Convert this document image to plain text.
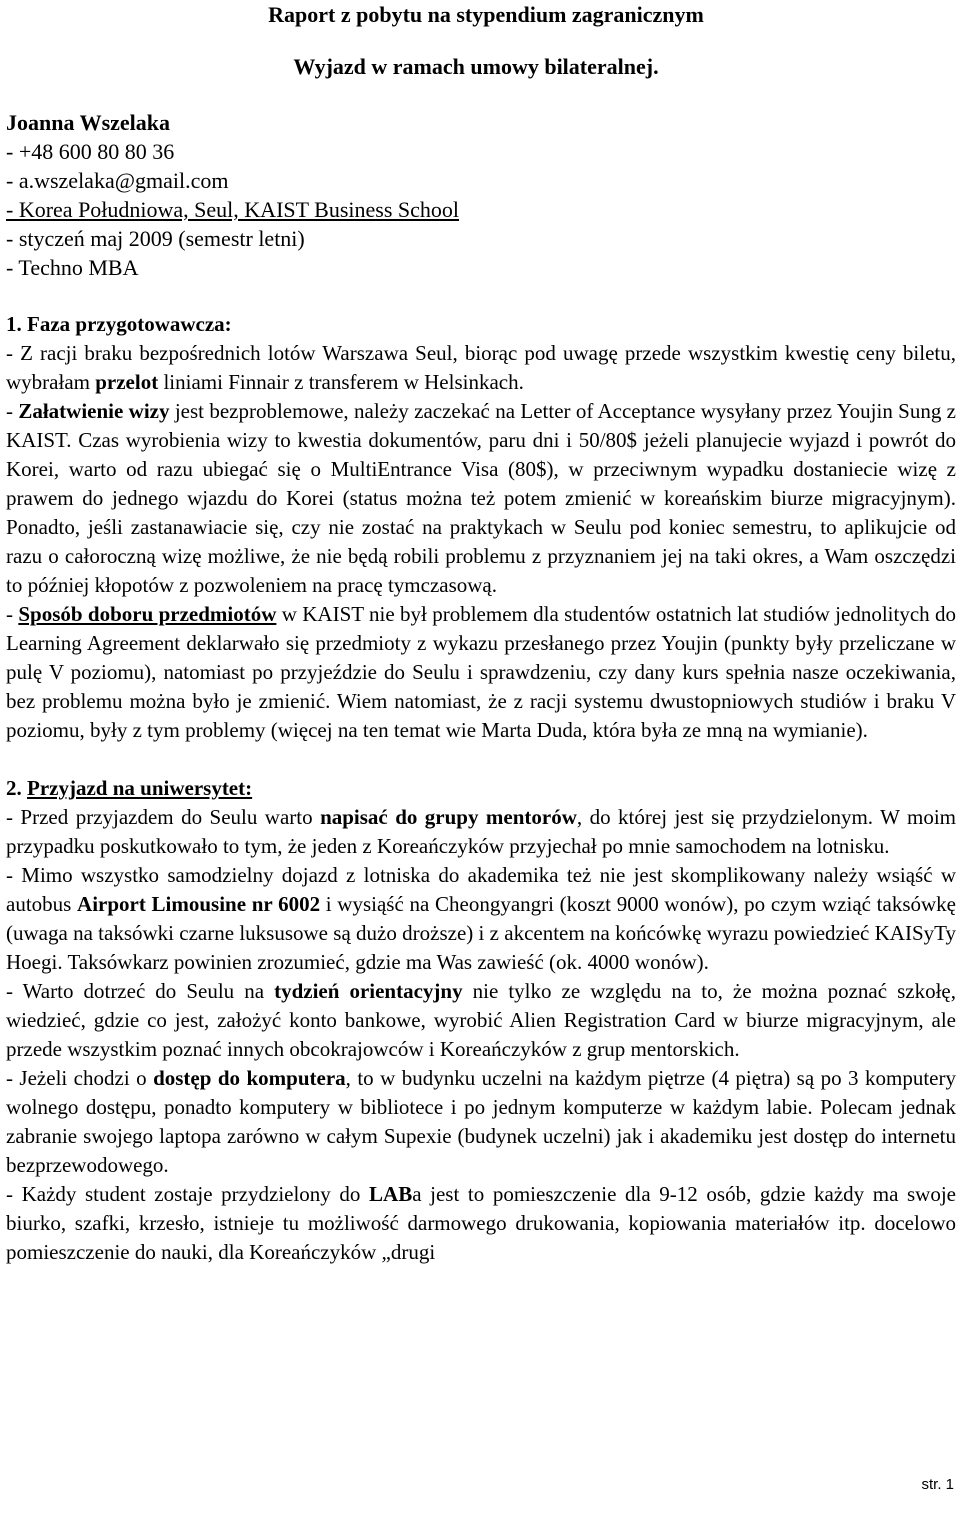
Raport z pobytu na stypendium zagranicznym
Wyjazd w ramach umowy bilateralnej.
Joanna Wszelaka
- +48 600 80 80 36
- a.wszelaka@gmail.com
- Korea Południowa, Seul, KAIST Business School
- styczeń maj 2009 (semestr letni)
- Techno MBA

1. Faza przygotowawcza:

- Z racji braku bezpośrednich lotów Warszawa Seul, biorąc pod uwagę przede wszystkim kwestię ceny biletu, wybrałam przelot liniami Finnair z transferem w Helsinkach.

- Załatwienie wizy jest bezproblemowe, należy zaczekać na Letter of Acceptance wysyłany przez Youjin Sung z KAIST. Czas wyrobienia wizy to kwestia dokumentów, paru dni i 50/80$ jeżeli planujecie wyjazd i powrót do Korei, warto od razu ubiegać się o MultiEntrance Visa (80$), w przeciwnym wypadku dostaniecie wizę z prawem do jednego wjazdu do Korei (status można też potem zmienić w koreańskim biurze migracyjnym). Ponadto, jeśli zastanawiacie się, czy nie zostać na praktykach w Seulu pod koniec semestru, to aplikujcie od razu o całoroczną wizę możliwe, że nie będą robili problemu z przyznaniem jej na taki okres, a Wam oszczędzi to później kłopotów z pozwoleniem na pracę tymczasową.

- Sposób doboru przedmiotów w KAIST nie był problemem dla studentów ostatnich lat studiów jednolitych do Learning Agreement deklarwało się przedmioty z wykazu przesłanego przez Youjin (punkty były przeliczane w pulę V poziomu), natomiast po przyjeździe do Seulu i sprawdzeniu, czy dany kurs spełnia nasze oczekiwania, bez problemu można było je zmienić. Wiem natomiast, że z racji systemu dwustopniowych studiów i braku V poziomu, były z tym problemy (więcej na ten temat wie Marta Duda, która była ze mną na wymianie).

2. Przyjazd na uniwersytet:

- Przed przyjazdem do Seulu warto napisać do grupy mentorów, do której jest się przydzielonym. W moim przypadku poskutkowało to tym, że jeden z Koreańczyków przyjechał po mnie samochodem na lotnisku.

- Mimo wszystko samodzielny dojazd z lotniska do akademika też nie jest skomplikowany należy wsiąść w autobus Airport Limousine nr 6002 i wysiąść na Cheongyangri (koszt 9000 wonów), po czym wziąć taksówkę (uwaga na taksówki czarne luksusowe są dużo droższe) i z akcentem na końcówkę wyrazu powiedzieć KAISyTy Hoegi. Taksówkarz powinien zrozumieć, gdzie ma Was zawieść (ok. 4000 wonów).

- Warto dotrzeć do Seulu na tydzień orientacyjny nie tylko ze względu na to, że można poznać szkołę, wiedzieć, gdzie co jest, założyć konto bankowe, wyrobić Alien Registration Card w biurze migracyjnym, ale przede wszystkim poznać innych obcokrajowców i Koreańczyków z grup mentorskich.

- Jeżeli chodzi o dostęp do komputera, to w budynku uczelni na każdym piętrze (4 piętra) są po 3 komputery wolnego dostępu, ponadto komputery w bibliotece i po jednym komputerze w każdym labie. Polecam jednak zabranie swojego laptopa zarówno w całym Supexie (budynek uczelni) jak i akademiku jest dostęp do internetu bezprzewodowego.

- Każdy student zostaje przydzielony do LABa jest to pomieszczenie dla 9-12 osób, gdzie każdy ma swoje biurko, szafki, krzesło, istnieje tu możliwość darmowego drukowania, kopiowania materiałów itp. docelowo pomieszczenie do nauki, dla Koreańczyków „drugi

str. 1
